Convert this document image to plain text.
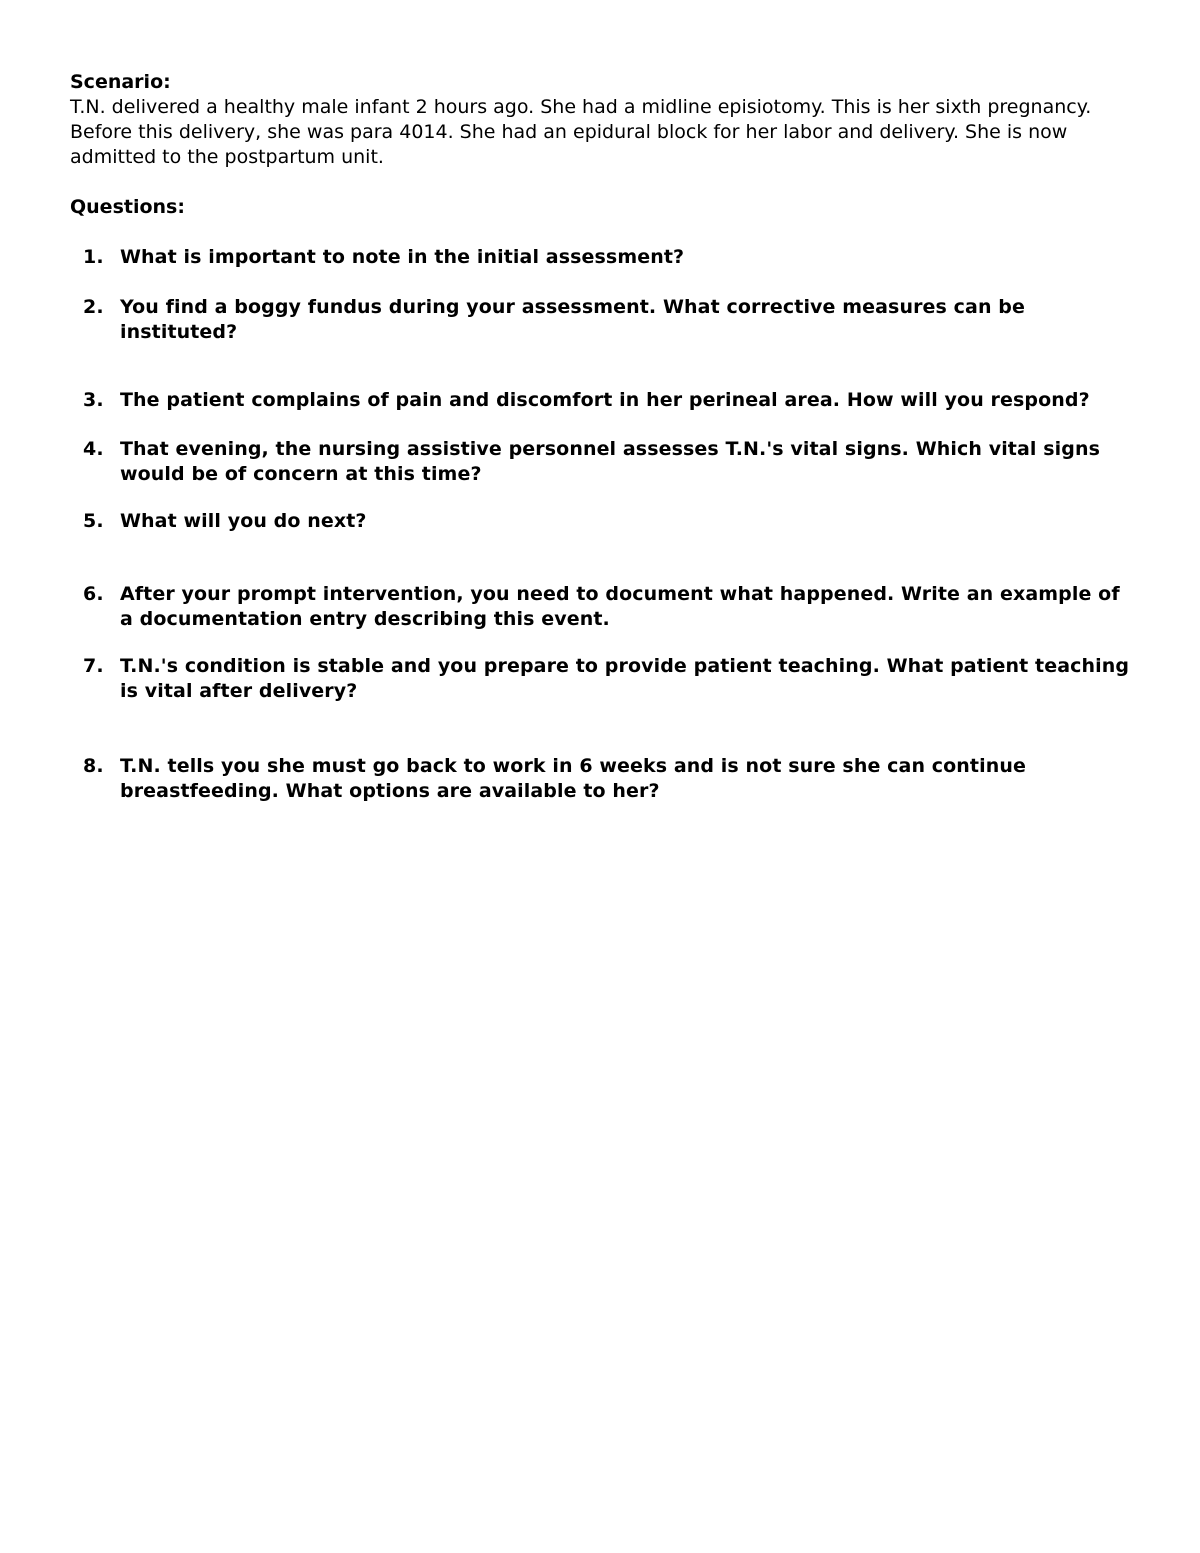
Scenario:

T.N. delivered a healthy male infant 2 hours ago. She had a midline episiotomy. This is her sixth pregnancy.

Before this delivery, she was para 4014. She had an epidural block for her labor and delivery. She is now

admitted to the postpartum unit.

Questions:

1. What is important to note in the initial assessment?
2. You find a boggy fundus during your assessment. What corrective measures can be instituted?
3. The patient complains of pain and discomfort in her perineal area. How will you respond?
4. That evening, the nursing assistive personnel assesses T.N.'s vital signs. Which vital signs would be of concern at this time?
5. What will you do next?
6. After your prompt intervention, you need to document what happened. Write an example of a documentation entry describing this event.
7. T.N.'s condition is stable and you prepare to provide patient teaching. What patient teaching is vital after delivery?
8. T.N. tells you she must go back to work in 6 weeks and is not sure she can continue breastfeeding. What options are available to her?
